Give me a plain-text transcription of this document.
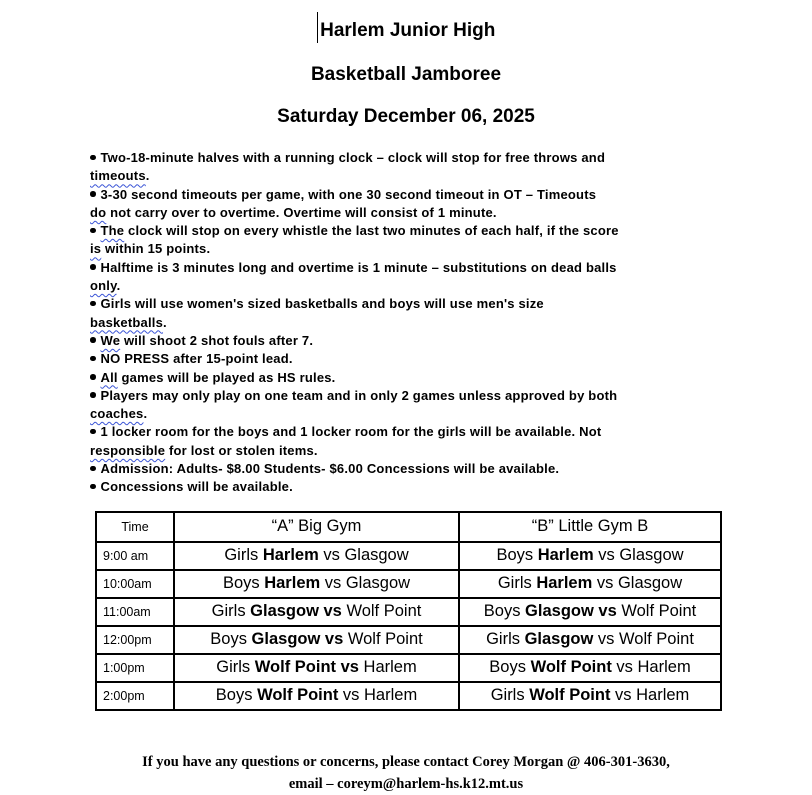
Harlem Junior High
Basketball Jamboree
Saturday December 06, 2025
Two-18-minute halves with a running clock – clock will stop for free throws and
timeouts.
3-30 second timeouts per game, with one 30 second timeout in OT – Timeouts
do not carry over to overtime. Overtime will consist of 1 minute.
The clock will stop on every whistle the last two minutes of each half, if the score
is within 15 points.
Halftime is 3 minutes long and overtime is 1 minute – substitutions on dead balls
only.
Girls will use women's sized basketballs and boys will use men's size
basketballs.
We will shoot 2 shot fouls after 7.
NO PRESS after 15-point lead.
All games will be played as HS rules.
Players may only play on one team and in only 2 games unless approved by both
coaches.
1 locker room for the boys and 1 locker room for the girls will be available. Not
responsible for lost or stolen items.
Admission: Adults- $8.00 Students- $6.00 Concessions will be available.
Concessions will be available.
Time	“A” Big Gym	“B” Little Gym B
9:00 am	Girls Harlem vs Glasgow	Boys Harlem vs Glasgow
10:00am	Boys Harlem vs Glasgow	Girls Harlem vs Glasgow
11:00am	Girls Glasgow vs Wolf Point	Boys Glasgow vs Wolf Point
12:00pm	Boys Glasgow vs Wolf Point	Girls Glasgow vs Wolf Point
1:00pm	Girls Wolf Point vs Harlem	Boys Wolf Point vs Harlem
2:00pm	Boys Wolf Point vs Harlem	Girls Wolf Point vs Harlem
If you have any questions or concerns, please contact Corey Morgan @ 406-301-3630,
email – coreym@harlem-hs.k12.mt.us
